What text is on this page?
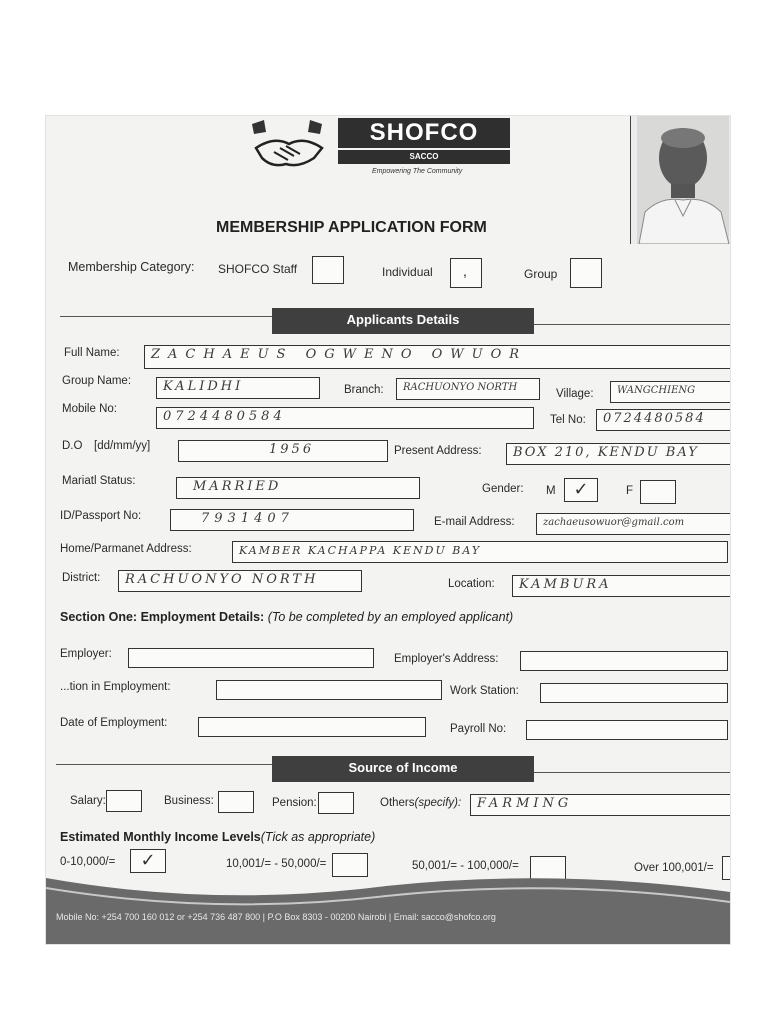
SHOFCO
SACCO
Empowering The Community
MEMBERSHIP APPLICATION FORM
Membership Category: SHOFCO Staff	Individual ,	Group
Applicants Details
Full Name:	ZACHAEUS OGWENO OWUOR
Group Name:	KALIDHI	Branch:	RACHUONYO NORTH
Village:	WANGCHIENG
Mobile No:	0724480584	Tel No:	0724480584
D.O [dd/mm/yy]	1956	Present Address:	BOX 210, KENDU BAY
Mariatl Status:	MARRIED	Gender: M ✓	F
ID/Passport No:	7931407	E-mail Address:	zachaeusowuor@gmail.com
Home/Parmanet Address:	KAMBER KACHAPPA KENDU BAY
District:	RACHUONYO NORTH	Location:	KAMBURA
Section One: Employment Details: (To be completed by an employed applicant)
Employer:	Employer's Address:
...tion in Employment:	Work Station:
Date of Employment:	Payroll No:
Source of Income
Salary:	Business:	Pension:	Others(specify):	FARMING
Estimated Monthly Income Levels(Tick as appropriate)
0-10,000/=	✓	10,001/= - 50,000/=	50,001/= - 100,000/=	Over 100,001/=
Mobile No: +254 700 160 012 or +254 736 487 800 | P.O Box 8303 - 00200 Nairobi | Email: sacco@shofco.org
